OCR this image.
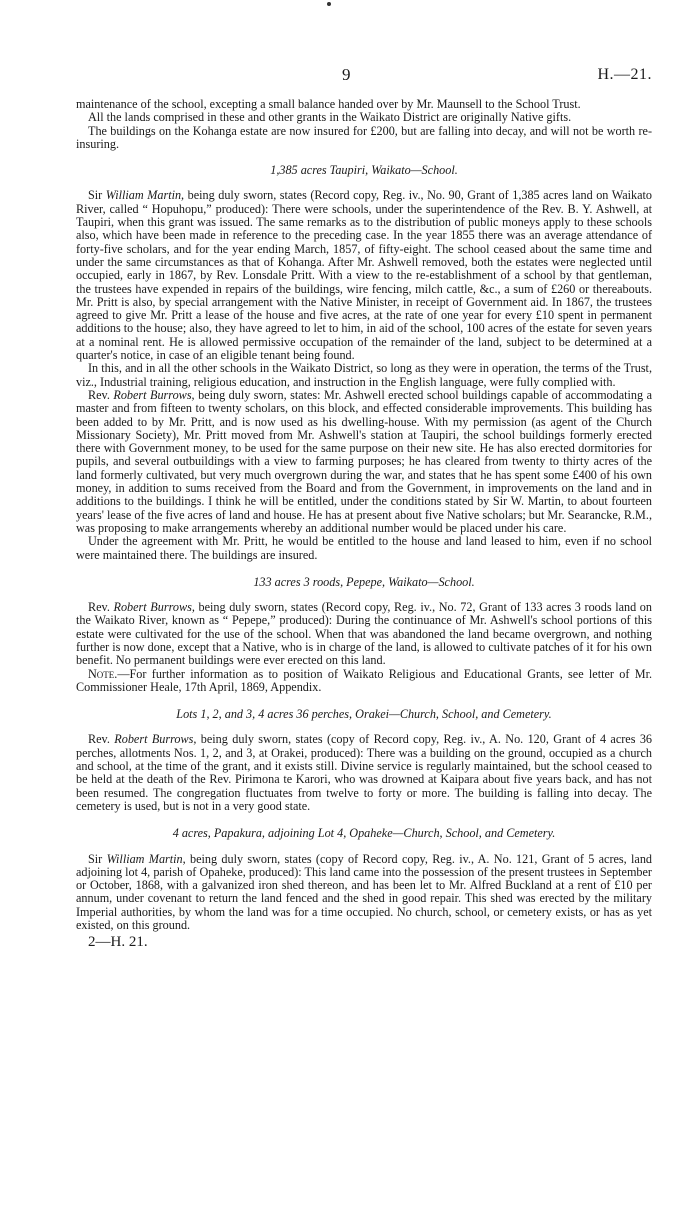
9	H.—21.

maintenance of the school, excepting a small balance handed over by Mr. Maunsell to the School Trust.

All the lands comprised in these and other grants in the Waikato District are originally Native gifts.

The buildings on the Kohanga estate are now insured for £200, but are falling into decay, and will not be worth re-insuring.

1,385 acres Taupiri, Waikato—School.

Sir William Martin, being duly sworn, states (Record copy, Reg. iv., No. 90, Grant of 1,385 acres land on Waikato River, called “ Hopuhopu,” produced): There were schools, under the superintendence of the Rev. B. Y. Ashwell, at Taupiri, when this grant was issued. The same remarks as to the distribution of public moneys apply to these schools also, which have been made in reference to the preceding case. In the year 1855 there was an average attendance of forty-five scholars, and for the year ending March, 1857, of fifty-eight. The school ceased about the same time and under the same circumstances as that of Kohanga. After Mr. Ashwell removed, both the estates were neglected until occupied, early in 1867, by Rev. Lonsdale Pritt. With a view to the re-establishment of a school by that gentleman, the trustees have expended in repairs of the buildings, wire fencing, milch cattle, &c., a sum of £260 or thereabouts. Mr. Pritt is also, by special arrangement with the Native Minister, in receipt of Government aid. In 1867, the trustees agreed to give Mr. Pritt a lease of the house and five acres, at the rate of one year for every £10 spent in permanent additions to the house; also, they have agreed to let to him, in aid of the school, 100 acres of the estate for seven years at a nominal rent. He is allowed permissive occupation of the remainder of the land, subject to be determined at a quarter's notice, in case of an eligible tenant being found.

In this, and in all the other schools in the Waikato District, so long as they were in operation, the terms of the Trust, viz., Industrial training, religious education, and instruction in the English language, were fully complied with.

Rev. Robert Burrows, being duly sworn, states: Mr. Ashwell erected school buildings capable of accommodating a master and from fifteen to twenty scholars, on this block, and effected considerable improvements. This building has been added to by Mr. Pritt, and is now used as his dwelling-house. With my permission (as agent of the Church Missionary Society), Mr. Pritt moved from Mr. Ashwell's station at Taupiri, the school buildings formerly erected there with Government money, to be used for the same purpose on their new site. He has also erected dormitories for pupils, and several outbuildings with a view to farming purposes; he has cleared from twenty to thirty acres of the land formerly cultivated, but very much overgrown during the war, and states that he has spent some £400 of his own money, in addition to sums received from the Board and from the Government, in improvements on the land and in additions to the buildings. I think he will be entitled, under the conditions stated by Sir W. Martin, to about fourteen years' lease of the five acres of land and house. He has at present about five Native scholars; but Mr. Searancke, R.M., was proposing to make arrangements whereby an additional number would be placed under his care.

Under the agreement with Mr. Pritt, he would be entitled to the house and land leased to him, even if no school were maintained there. The buildings are insured.

133 acres 3 roods, Pepepe, Waikato—School.

Rev. Robert Burrows, being duly sworn, states (Record copy, Reg. iv., No. 72, Grant of 133 acres 3 roods land on the Waikato River, known as “ Pepepe,” produced): During the continuance of Mr. Ashwell's school portions of this estate were cultivated for the use of the school. When that was abandoned the land became overgrown, and nothing further is now done, except that a Native, who is in charge of the land, is allowed to cultivate patches of it for his own benefit. No permanent buildings were ever erected on this land.

Note.—For further information as to position of Waikato Religious and Educational Grants, see letter of Mr. Commissioner Heale, 17th April, 1869, Appendix.

Lots 1, 2, and 3, 4 acres 36 perches, Orakei—Church, School, and Cemetery.

Rev. Robert Burrows, being duly sworn, states (copy of Record copy, Reg. iv., A. No. 120, Grant of 4 acres 36 perches, allotments Nos. 1, 2, and 3, at Orakei, produced): There was a building on the ground, occupied as a church and school, at the time of the grant, and it exists still. Divine service is regularly maintained, but the school ceased to be held at the death of the Rev. Pirimona te Karori, who was drowned at Kaipara about five years back, and has not been resumed. The congregation fluctuates from twelve to forty or more. The building is falling into decay. The cemetery is used, but is not in a very good state.

4 acres, Papakura, adjoining Lot 4, Opaheke—Church, School, and Cemetery.

Sir William Martin, being duly sworn, states (copy of Record copy, Reg. iv., A. No. 121, Grant of 5 acres, land adjoining lot 4, parish of Opaheke, produced): This land came into the possession of the present trustees in September or October, 1868, with a galvanized iron shed thereon, and has been let to Mr. Alfred Buckland at a rent of £10 per annum, under covenant to return the land fenced and the shed in good repair. This shed was erected by the military Imperial authorities, by whom the land was for a time occupied. No church, school, or cemetery exists, or has as yet existed, on this ground.

2—H. 21.
